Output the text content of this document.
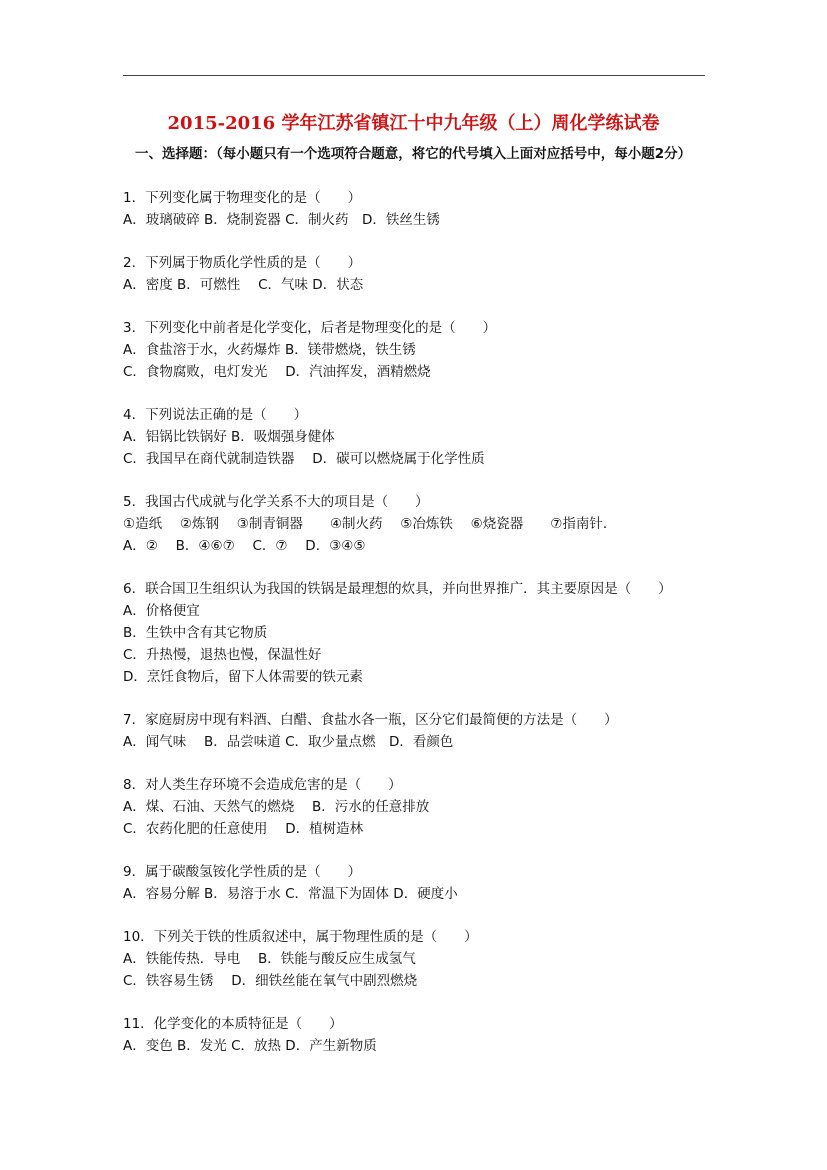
2015-2016 学年江苏省镇江十中九年级（上）周化学练试卷
一、选择题：（每小题只有一个选项符合题意，将它的代号填入上面对应括号中，每小题2分）
1．下列变化属于物理变化的是（　　）
A．玻璃破碎 B．烧制瓷器 C．制火药　D．铁丝生锈
2．下列属于物质化学性质的是（　　）
A．密度 B．可燃性　 C．气味 D．状态
3．下列变化中前者是化学变化，后者是物理变化的是（　　）
A．食盐溶于水，火药爆炸 B．镁带燃烧，铁生锈
C．食物腐败，电灯发光　 D．汽油挥发，酒精燃烧
4．下列说法正确的是（　　）
A．铝锅比铁锅好 B．吸烟强身健体
C．我国早在商代就制造铁器　 D．碳可以燃烧属于化学性质
5．我国古代成就与化学关系不大的项目是（　　）
①造纸　 ②炼钢　 ③制青铜器　　④制火药　 ⑤冶炼铁　 ⑥烧瓷器　　⑦指南针．
A．②　 B．④⑥⑦　 C．⑦　 D．③④⑤
6．联合国卫生组织认为我国的铁锅是最理想的炊具，并向世界推广．其主要原因是（　　）
A．价格便宜
B．生铁中含有其它物质
C．升热慢，退热也慢，保温性好
D．烹饪食物后，留下人体需要的铁元素
7．家庭厨房中现有料酒、白醋、食盐水各一瓶，区分它们最简便的方法是（　　）
A．闻气味　 B．品尝味道 C．取少量点燃　D．看颜色
8．对人类生存环境不会造成危害的是（　　）
A．煤、石油、天然气的燃烧　 B．污水的任意排放
C．农药化肥的任意使用　 D．植树造林
9．属于碳酸氢铵化学性质的是（　　）
A．容易分解 B．易溶于水 C．常温下为固体 D．硬度小
10．下列关于铁的性质叙述中，属于物理性质的是（　　）
A．铁能传热．导电　 B．铁能与酸反应生成氢气
C．铁容易生锈　 D．细铁丝能在氧气中剧烈燃烧
11．化学变化的本质特征是（　　）
A．变色 B．发光 C．放热 D．产生新物质
